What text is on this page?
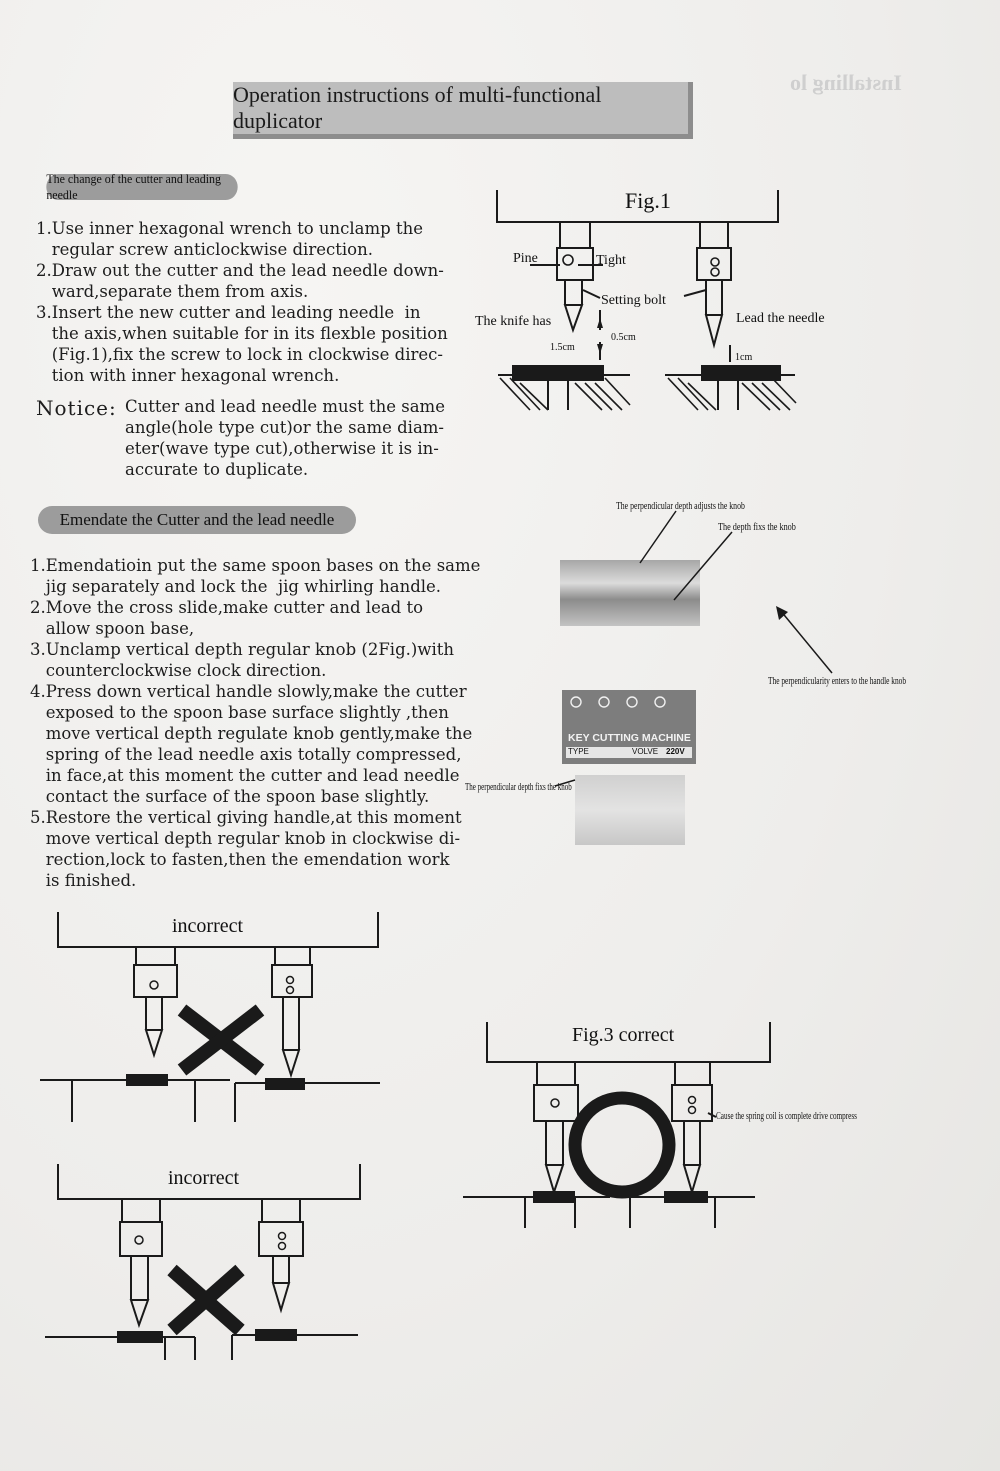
Installing lo
Operation instructions of multi-functional duplicator
The change of the cutter and leading needle

1.Use inner hexagonal wrench to unclamp the

regular screw anticlockwise direction.

2.Draw out the cutter and the lead needle down-

ward,separate them from axis.

3.Insert the new cutter and leading needle  in

the axis,when suitable for in its flexble position

(Fig.1),fix the screw to lock in clockwise direc-

tion with inner hexagonal wrench.

Notice: Cutter and lead needle must the same

angle(hole type cut)or the same diam-

eter(wave type cut),otherwise it is in-

accurate to duplicate.

Emendate the Cutter and the lead needle

1.Emendatioin put the same spoon bases on the same

jig separately and lock the  jig whirling handle.

2.Move the cross slide,make cutter and lead to

allow spoon base,

3.Unclamp vertical depth regular knob (2Fig.)with

counterclockwise clock direction.

4.Press down vertical handle slowly,make the cutter

exposed to the spoon base surface slightly ,then

move vertical depth regulate knob gently,make the

spring of the lead needle axis totally compressed,

in face,at this moment the cutter and lead needle

contact the surface of the spoon base slightly.

5.Restore the vertical giving handle,at this moment

move vertical depth regular knob in clockwise di-

rection,lock to fasten,then the emendation work

is finished.

Fig.1
Pine	Tight
Setting bolt
The knife has	Lead the needle
0.5cm
1.5cm
1cm
KEY CUTTING MACHINE
TYPE	VOLVE 220V
The perpendicular depth adjusts the knob
The depth fixs the knob
The perpendicularity enters to the handle knob
The perpendicular depth fixs the knob
incorrect
incorrect
Fig.3 correct
Cause the spring coil is complete drive compress
